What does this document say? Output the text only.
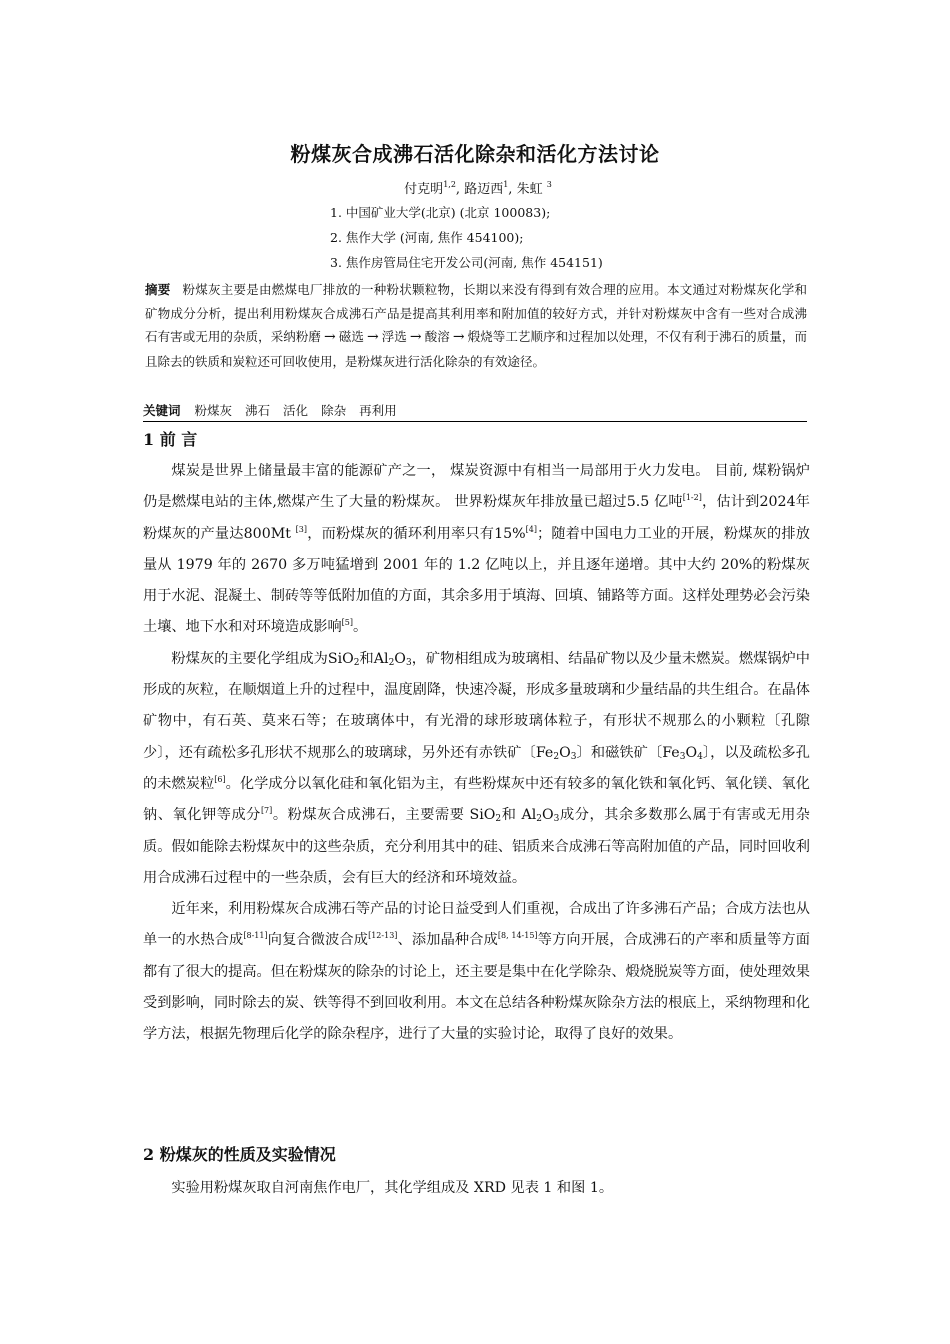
粉煤灰合成沸石活化除杂和活化方法讨论
付克明$^{1,2}$, 路迈西$^1$, 朱虹 $^3$
1. 中国矿业大学(北京) (北京 100083);
2. 焦作大学 (河南, 焦作 454100);
3. 焦作房管局住宅开发公司(河南, 焦作 454151)
摘要 粉煤灰主要是由燃煤电厂排放的一种粉状颗粒物，长期以来没有得到有效合理的应用。本文通过对粉煤灰化学和矿物成分分析，提出利用粉煤灰合成沸石产品是提高其利用率和附加值的较好方式，并针对粉煤灰中含有一些对合成沸石有害或无用的杂质，采纳粉磨 → 磁选 → 浮选 → 酸溶 → 煅烧等工艺顺序和过程加以处理，不仅有利于沸石的质量，而且除去的铁质和炭粒还可回收使用，是粉煤灰进行活化除杂的有效途径。
关键词 粉煤灰 沸石 活化 除杂 再利用
1 前 言

煤炭是世界上储量最丰富的能源矿产之一， 煤炭资源中有相当一局部用于火力发电。 目前, 煤粉锅炉仍是燃煤电站的主体,燃煤产生了大量的粉煤灰。 世界粉煤灰年排放量已超过5.5 亿吨[1-2]，估计到2024年粉煤灰的产量达800Mt [3]，而粉煤灰的循环利用率只有15%[4]；随着中国电力工业的开展，粉煤灰的排放量从 1979 年的 2670 多万吨猛增到 2001 年的 1.2 亿吨以上，并且逐年递增。其中大约 20%的粉煤灰用于水泥、混凝土、制砖等等低附加值的方面，其余多用于填海、回填、铺路等方面。这样处理势必会污染土壤、地下水和对环境造成影响[5]。

粉煤灰的主要化学组成为SiO$_2$和$Al_2O_3$，矿物相组成为玻璃相、结晶矿物以及少量未燃炭。燃煤锅炉中形成的灰粒，在顺烟道上升的过程中，温度剧降，快速冷凝，形成多量玻璃和少量结晶的共生组合。在晶体矿物中，有石英、莫来石等；在玻璃体中，有光滑的球形玻璃体粒子，有形状不规那么的小颗粒〔孔隙少〕，还有疏松多孔形状不规那么的玻璃球，另外还有赤铁矿〔$Fe_2O_3$〕和磁铁矿〔$Fe_3O_4$〕，以及疏松多孔的未燃炭粒[6]。化学成分以氧化硅和氧化铝为主，有些粉煤灰中还有较多的氧化铁和氧化钙、氧化镁、氧化钠、氧化钾等成分[7]。粉煤灰合成沸石，主要需要 SiO$_2$和 $Al_2O_3$成分，其余多数那么属于有害或无用杂质。假如能除去粉煤灰中的这些杂质，充分利用其中的硅、铝质来合成沸石等高附加值的产品，同时回收利用合成沸石过程中的一些杂质，会有巨大的经济和环境效益。

近年来，利用粉煤灰合成沸石等产品的讨论日益受到人们重视，合成出了许多沸石产品；合成方法也从单一的水热合成[8-11]向复合微波合成[12-13]、添加晶种合成[8, 14-15]等方向开展，合成沸石的产率和质量等方面都有了很大的提高。但在粉煤灰的除杂的讨论上，还主要是集中在化学除杂、煅烧脱炭等方面，使处理效果受到影响，同时除去的炭、铁等得不到回收利用。本文在总结各种粉煤灰除杂方法的根底上，采纳物理和化学方法，根据先物理后化学的除杂程序，进行了大量的实验讨论，取得了良好的效果。

2 粉煤灰的性质及实验情况

实验用粉煤灰取自河南焦作电厂，其化学组成及 XRD 见表 1 和图 1。
